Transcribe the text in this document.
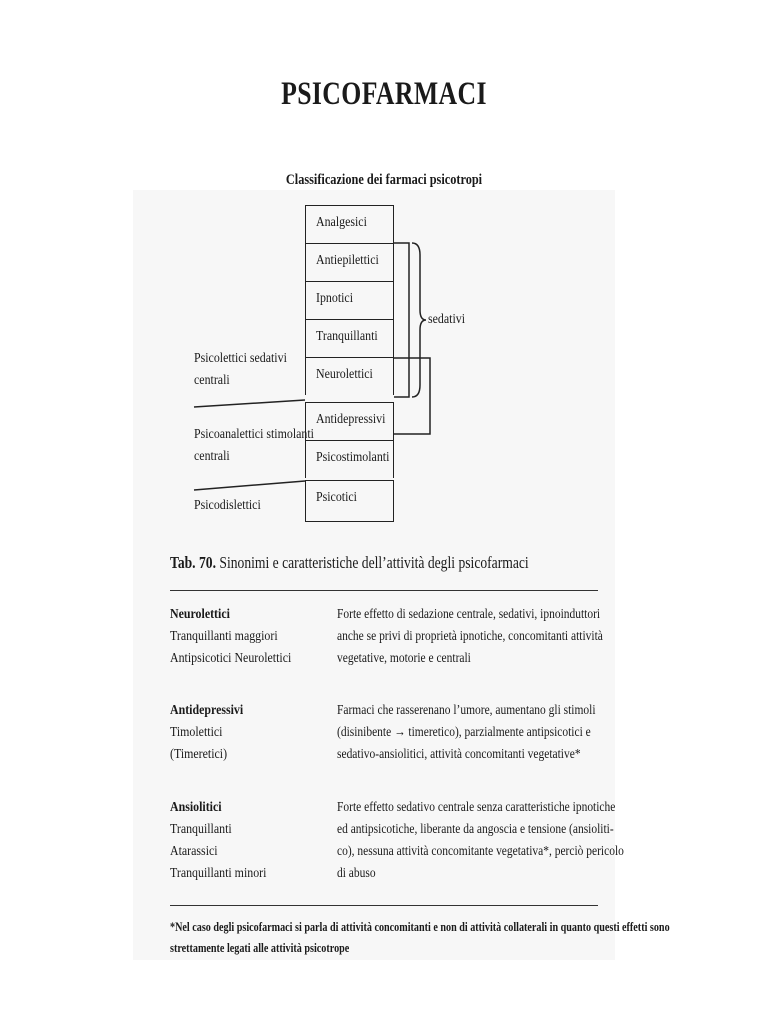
PSICOFARMACI
Classificazione dei farmaci psicotropi
Analgesici
Antiepilettici
Ipnotici
Tranquillanti
Neurolettici
Antidepressivi
Psicostimolanti
Psicotici
sedativi
Psicolettici sedativi
centrali
Psicoanalettici stimolanti
centrali
Psicodislettici
Tab. 70. Sinonimi e caratteristiche dell’attività degli psicofarmaci
Neurolettici
Tranquillanti maggiori
Antipsicotici Neurolettici
Forte effetto di sedazione centrale, sedativi, ipnoinduttori
anche se privi di proprietà ipnotiche, concomitanti attività
vegetative, motorie e centrali
Antidepressivi
Timolettici
(Timeretici)
Farmaci che rasserenano l’umore, aumentano gli stimoli
(disinibente → timeretico), parzialmente antipsicotici e
sedativo-ansiolitici, attività concomitanti vegetative*
Ansiolitici
Tranquillanti
Atarassici
Tranquillanti minori
Forte effetto sedativo centrale senza caratteristiche ipnotiche
ed antipsicotiche, liberante da angoscia e tensione (ansioliti-
co), nessuna attività concomitante vegetativa*, perciò pericolo
di abuso
*Nel caso degli psicofarmaci si parla di attività concomitanti e non di attività collaterali in quanto questi effetti sono
strettamente legati alle attività psicotrope
